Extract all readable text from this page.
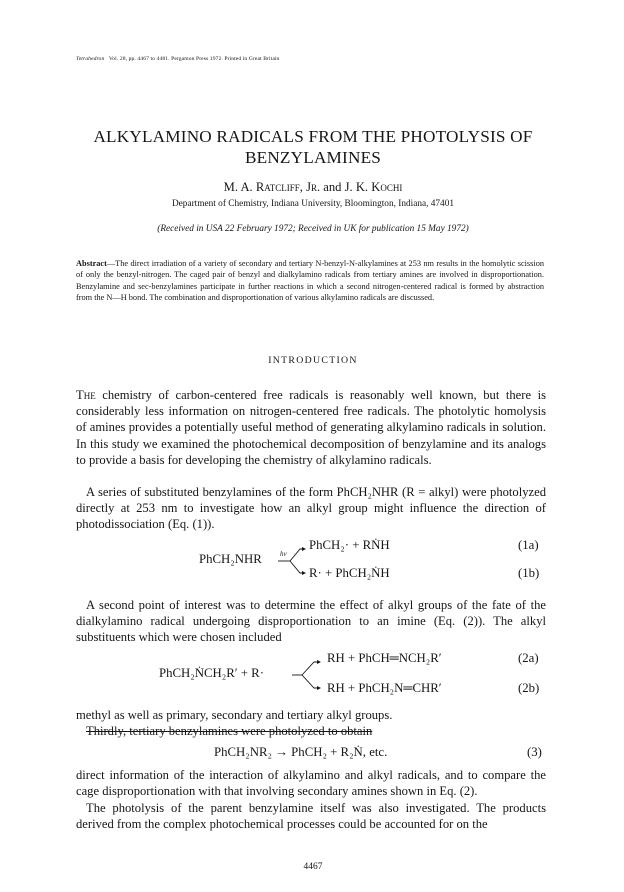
Tetrahedron Vol. 28, pp. 4467 to 4481. Pergamon Press 1972. Printed in Great Britain
ALKYLAMINO RADICALS FROM THE PHOTOLYSIS OF
BENZYLAMINES
M. A. Ratcliff, Jr. and J. K. Kochi
Department of Chemistry, Indiana University, Bloomington, Indiana, 47401
(Received in USA 22 February 1972; Received in UK for publication 15 May 1972)
Abstract—The direct irradiation of a variety of secondary and tertiary N-benzyl-N-alkylamines at 253 nm results in the homolytic scission of only the benzyl-nitrogen. The caged pair of benzyl and dialkylamino radicals from tertiary amines are involved in disproportionation. Benzylamine and sec-benzylamines participate in further reactions in which a second nitrogen-centered radical is formed by abstraction from the N—H bond. The combination and disproportionation of various alkylamino radicals are discussed.
INTRODUCTION
The chemistry of carbon-centered free radicals is reasonably well known, but there is considerably less information on nitrogen-centered free radicals. The photolytic homolysis of amines provides a potentially useful method of generating alkylamino radicals in solution. In this study we examined the photochemical decomposition of benzylamine and its analogs to provide a basis for developing the chemistry of alkylamino radicals.
A series of substituted benzylamines of the form PhCH₂NHR (R = alkyl) were photolyzed directly at 253 nm to investigate how an alkyl group might influence the direction of photodissociation (Eq. (1)).
PhCH₂NHR	hν
PhCH₂· + RṄH	(1a)
R· + PhCH₂ṄH	(1b)
A second point of interest was to determine the effect of alkyl groups of the fate of the dialkylamino radical undergoing disproportionation to an imine (Eq. (2)). The alkyl substituents which were chosen included
PhCH₂ṄCH₂R′ + R·
RH + PhCH═NCH₂R′	(2a)
RH + PhCH₂N═CHR′	(2b)
methyl as well as primary, secondary and tertiary alkyl groups.
Thirdly, tertiary benzylamines were photolyzed to obtain
PhCH₂NR₂ → PhCH₂ + R₂Ṅ, etc.	(3)
direct information of the interaction of alkylamino and alkyl radicals, and to compare the cage disproportionation with that involving secondary amines shown in Eq. (2).
The photolysis of the parent benzylamine itself was also investigated. The products derived from the complex photochemical processes could be accounted for on the
4467
